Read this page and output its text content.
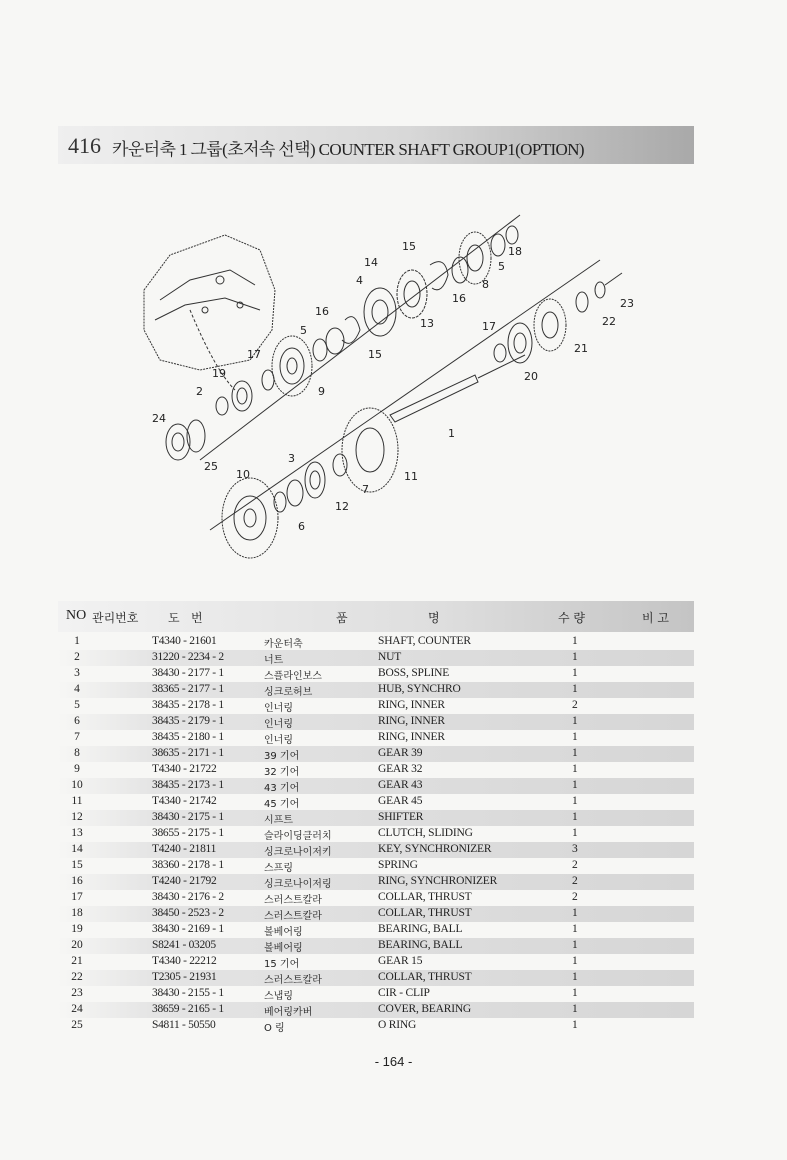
416 카운터축 1 그룹(초저속 선택) COUNTER SHAFT GROUP1(OPTION)
1
2
3
4
5
5
6
7
8
9
10	11
12
13
14
15
15
16
16
17
17
18
19	20
21
22
23
24
25
NO 관리번호 도   번	품	명	수 량	비 고
1	T4340 - 21601	카운터축	SHAFT, COUNTER	1
2	31220 - 2234 - 2	너트	NUT	1
3	38430 - 2177 - 1	스플라인보스	BOSS, SPLINE	1
4	38365 - 2177 - 1	싱크로허브	HUB, SYNCHRO	1
5	38435 - 2178 - 1	인너링	RING, INNER	2
6	38435 - 2179 - 1	인너링	RING, INNER	1
7	38435 - 2180 - 1	인너링	RING, INNER	1
8	38635 - 2171 - 1	39 기어	GEAR 39	1
9	T4340 - 21722	32 기어	GEAR 32	1
10	38435 - 2173 - 1	43 기어	GEAR 43	1
11	T4340 - 21742	45 기어	GEAR 45	1
12	38430 - 2175 - 1	시프트	SHIFTER	1
13	38655 - 2175 - 1	슬라이딩클러치	CLUTCH, SLIDING	1
14	T4240 - 21811	싱크로나이저키	KEY, SYNCHRONIZER	3
15	38360 - 2178 - 1	스프링	SPRING	2
16	T4240 - 21792	싱크로나이저링	RING, SYNCHRONIZER	2
17	38430 - 2176 - 2	스러스트칼라	COLLAR, THRUST	2
18	38450 - 2523 - 2	스러스트칼라	COLLAR, THRUST	1
19	38430 - 2169 - 1	볼베어링	BEARING, BALL	1
20	S8241 - 03205	볼베어링	BEARING, BALL	1
21	T4340 - 22212	15 기어	GEAR 15	1
22	T2305 - 21931	스러스트칼라	COLLAR, THRUST	1
23	38430 - 2155 - 1	스냅링	CIR - CLIP	1
24	38659 - 2165 - 1	베어링카버	COVER, BEARING	1
25	S4811 - 50550	O 링	O RING	1
- 164 -
